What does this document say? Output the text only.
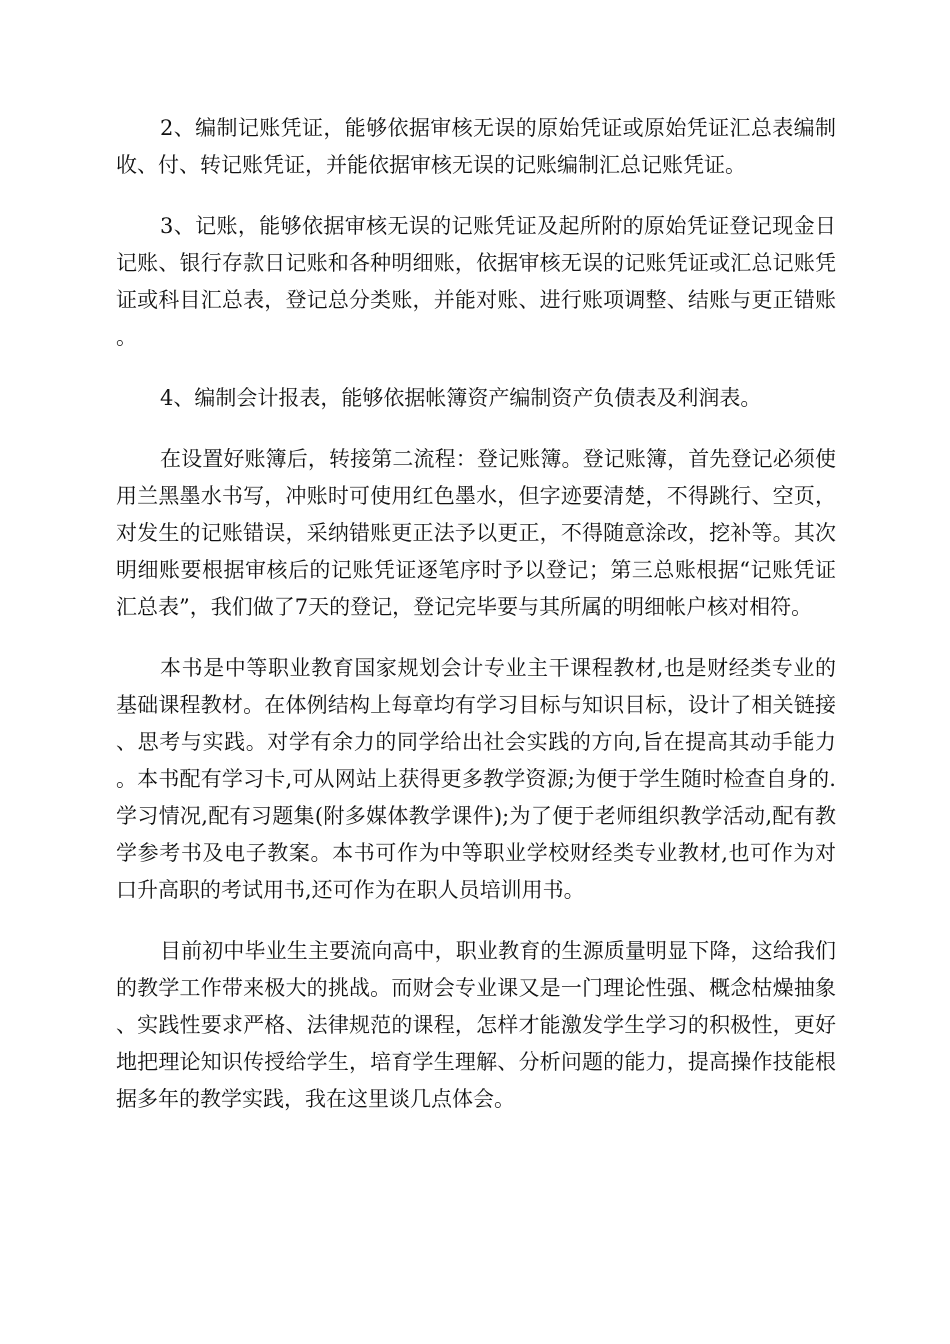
2、编制记账凭证，能够依据审核无误的原始凭证或原始凭证汇总表编制收、付、转记账凭证，并能依据审核无误的记账编制汇总记账凭证。

3、记账，能够依据审核无误的记账凭证及起所附的原始凭证登记现金日记账、银行存款日记账和各种明细账，依据审核无误的记账凭证或汇总记账凭证或科目汇总表，登记总分类账，并能对账、进行账项调整、结账与更正错账。

4、编制会计报表，能够依据帐簿资产编制资产负债表及利润表。

在设置好账簿后，转接第二流程：登记账簿。登记账簿，首先登记必须使用兰黑墨水书写，冲账时可使用红色墨水，但字迹要清楚，不得跳行、空页，对发生的记账错误，采纳错账更正法予以更正，不得随意涂改，挖补等。其次明细账要根据审核后的记账凭证逐笔序时予以登记；第三总账根据“记账凭证汇总表”，我们做了7天的登记，登记完毕要与其所属的明细帐户核对相符。

本书是中等职业教育国家规划会计专业主干课程教材,也是财经类专业的基础课程教材。在体例结构上每章均有学习目标与知识目标，设计了相关链接、思考与实践。对学有余力的同学给出社会实践的方向,旨在提高其动手能力。本书配有学习卡,可从网站上获得更多教学资源;为便于学生随时检查自身的.学习情况,配有习题集(附多媒体教学课件);为了便于老师组织教学活动,配有教学参考书及电子教案。本书可作为中等职业学校财经类专业教材,也可作为对口升高职的考试用书,还可作为在职人员培训用书。

目前初中毕业生主要流向高中，职业教育的生源质量明显下降，这给我们的教学工作带来极大的挑战。而财会专业课又是一门理论性强、概念枯燥抽象、实践性要求严格、法律规范的课程，怎样才能激发学生学习的积极性，更好地把理论知识传授给学生，培育学生理解、分析问题的能力，提高操作技能根据多年的教学实践，我在这里谈几点体会。
